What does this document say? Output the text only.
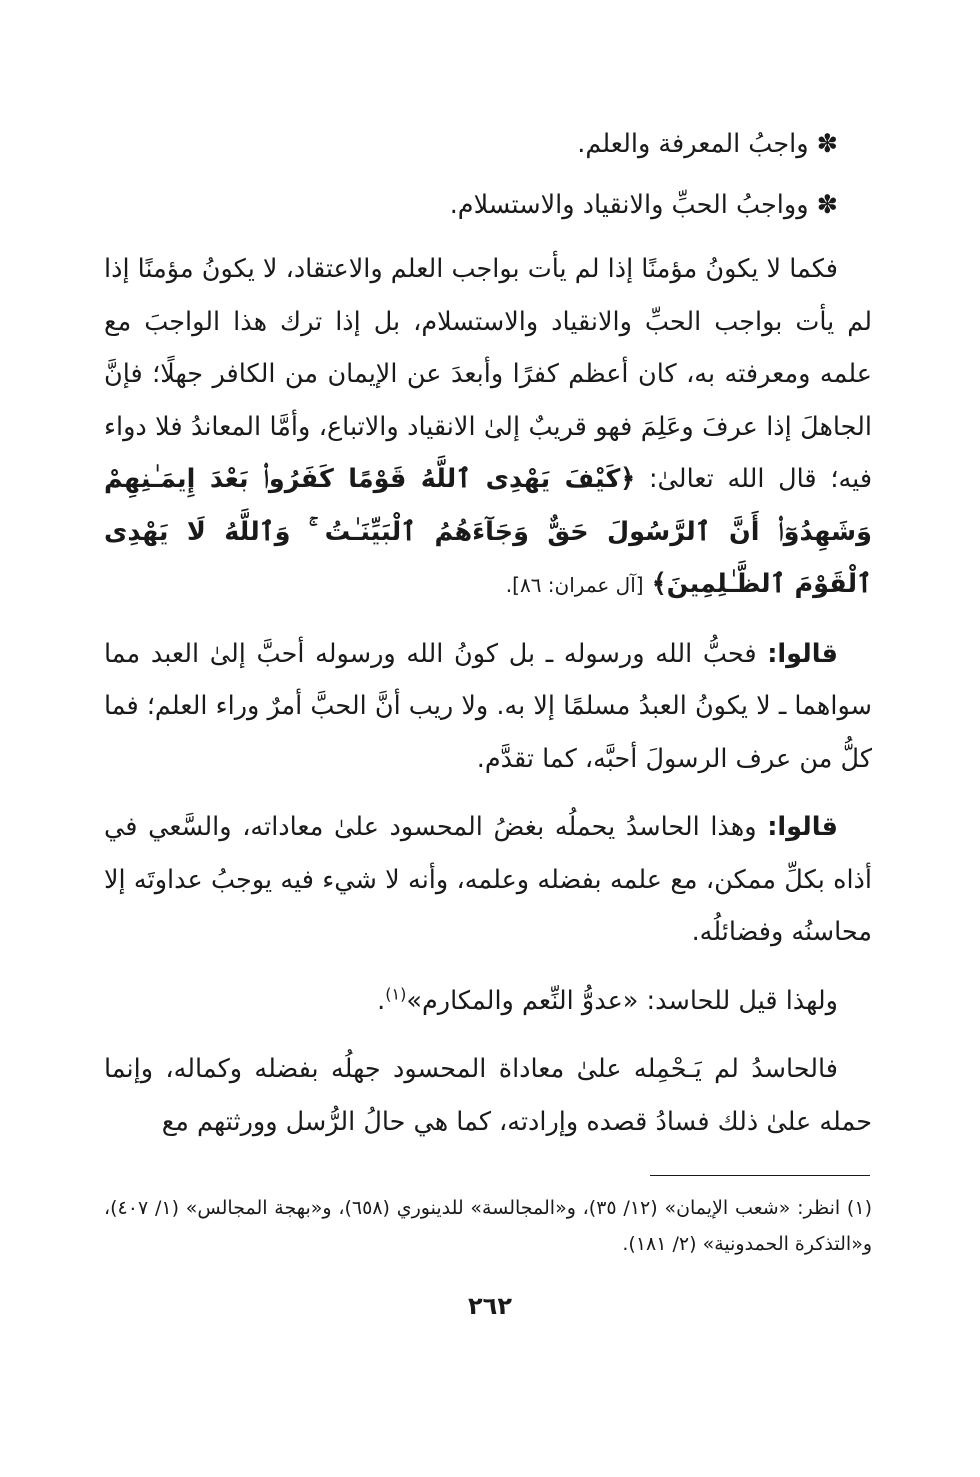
✽ واجبُ المعرفة والعلم.

✽ وواجبُ الحبِّ والانقياد والاستسلام.

فكما لا يكونُ مؤمنًا إذا لم يأت بواجب العلم والاعتقاد، لا يكونُ مؤمنًا إذا لم يأت بواجب الحبِّ والانقياد والاستسلام، بل إذا ترك هذا الواجبَ مع علمه ومعرفته به، كان أعظم كفرًا وأبعدَ عن الإيمان من الكافر جهلًا؛ فإنَّ الجاهلَ إذا عرفَ وعَلِمَ فهو قريبٌ إلىٰ الانقياد والاتباع، وأمَّا المعاندُ فلا دواء فيه؛ قال الله تعالىٰ: ﴿كَيْفَ يَهْدِى ٱللَّهُ قَوْمًا كَفَرُوا۟ بَعْدَ إِيمَـٰنِهِمْ وَشَهِدُوٓا۟ أَنَّ ٱلرَّسُولَ حَقٌّ وَجَآءَهُمُ ٱلْبَيِّنَـٰتُ ۚ وَٱللَّهُ لَا يَهْدِى ٱلْقَوْمَ ٱلظَّـٰلِمِينَ﴾ [آل عمران: ٨٦].

قالوا: فحبُّ الله ورسوله ـ بل كونُ الله ورسوله أحبَّ إلىٰ العبد مما سواهما ـ لا يكونُ العبدُ مسلمًا إلا به. ولا ريب أنَّ الحبَّ أمرٌ وراء العلم؛ فما كلُّ من عرف الرسولَ أحبَّه، كما تقدَّم.

قالوا: وهذا الحاسدُ يحملُه بغضُ المحسود علىٰ معاداته، والسَّعي في أذاه بكلِّ ممكن، مع علمه بفضله وعلمه، وأنه لا شيء فيه يوجبُ عداوتَه إلا محاسنُه وفضائلُه.

ولهذا قيل للحاسد: «عدوُّ النِّعم والمكارم»$^{(١)}$.

فالحاسدُ لم يَـحْمِله علىٰ معاداة المحسود جهلُه بفضله وكماله، وإنما حمله علىٰ ذلك فسادُ قصده وإرادته، كما هي حالُ الرُّسل وورثتهم مع

(١) انظر: «شعب الإيمان» (١٢/ ٣٥)، و«المجالسة» للدينوري (٦٥٨)، و«بهجة المجالس» (١/ ٤٠٧)، و«التذكرة الحمدونية» (٢/ ١٨١).

٢٦٢
